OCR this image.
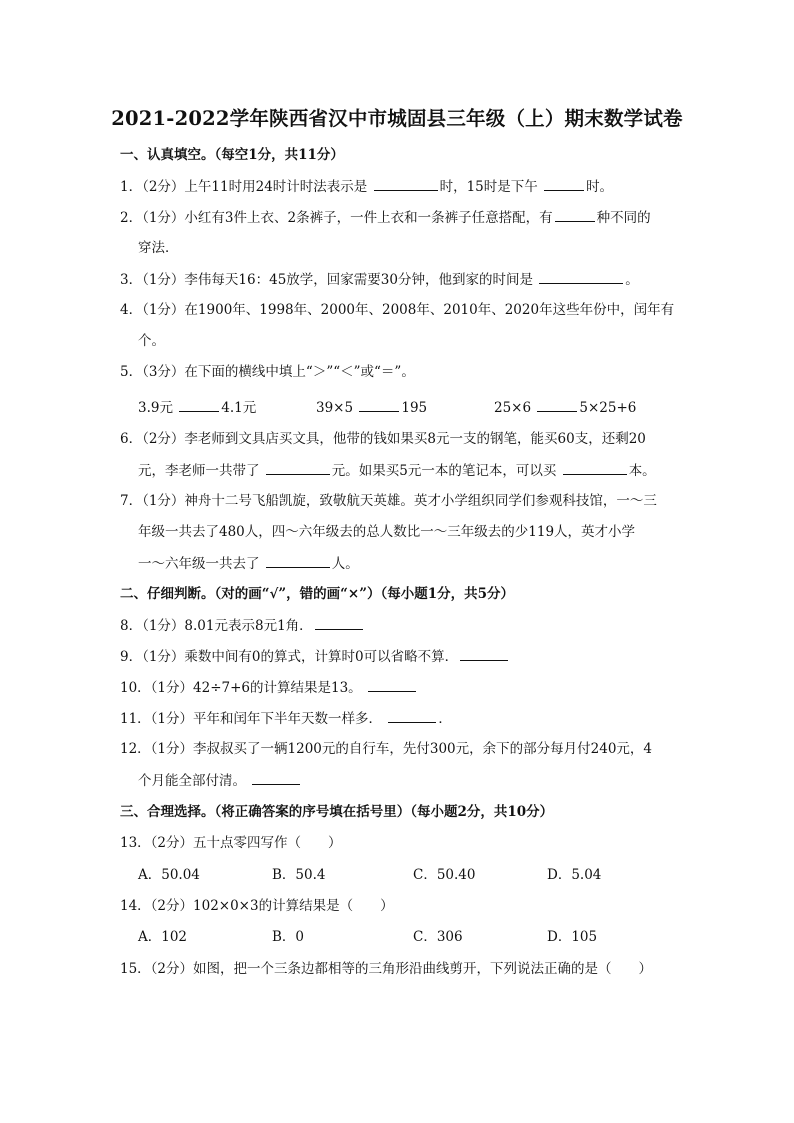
2021-2022学年陕西省汉中市城固县三年级（上）期末数学试卷
一、认真填空。（每空1分，共11分）
1．（2分）上午11时用24时计时法表示是	时，15时是下午	时。
2．（1分）小红有3件上衣、2条裤子，一件上衣和一条裤子任意搭配，有	种不同的
穿法．
3．（1分）李伟每天16：45放学，回家需要30分钟，他到家的时间是	。
4．（1分）在1900年、1998年、2000年、2008年、2010年、2020年这些年份中，闰年有
个。
5．（3分）在下面的横线中填上“＞”“＜”或“＝”。
3.9元	4.1元	39×5	195	25×6	5×25+6
6．（2分）李老师到文具店买文具，他带的钱如果买8元一支的钢笔，能买60支，还剩20
元，李老师一共带了	元。如果买5元一本的笔记本，可以买	本。
7．（1分）神舟十二号飞船凯旋，致敬航天英雄。英才小学组织同学们参观科技馆，一～三
年级一共去了480人，四～六年级去的总人数比一～三年级去的少119人，英才小学
一～六年级一共去了	人。
二、仔细判断。（对的画“√”，错的画“×”）（每小题1分，共5分）
8．（1分）8.01元表示8元1角．
9．（1分）乘数中间有0的算式，计算时0可以省略不算．
10．（1分）42÷7+6的计算结果是13。
11．（1分）平年和闰年下半年天数一样多．	．
12．（1分）李叔叔买了一辆1200元的自行车，先付300元，余下的部分每月付240元，4
个月能全部付清。
三、合理选择。（将正确答案的序号填在括号里）（每小题2分，共10分）
13．（2分）五十点零四写作（　　）
A．50.04	B．50.4	C．50.40	D．5.04
14．（2分）102×0×3的计算结果是（　　）
A．102	B．0	C．306	D．105
15．（2分）如图，把一个三条边都相等的三角形沿曲线剪开，下列说法正确的是（　　）
